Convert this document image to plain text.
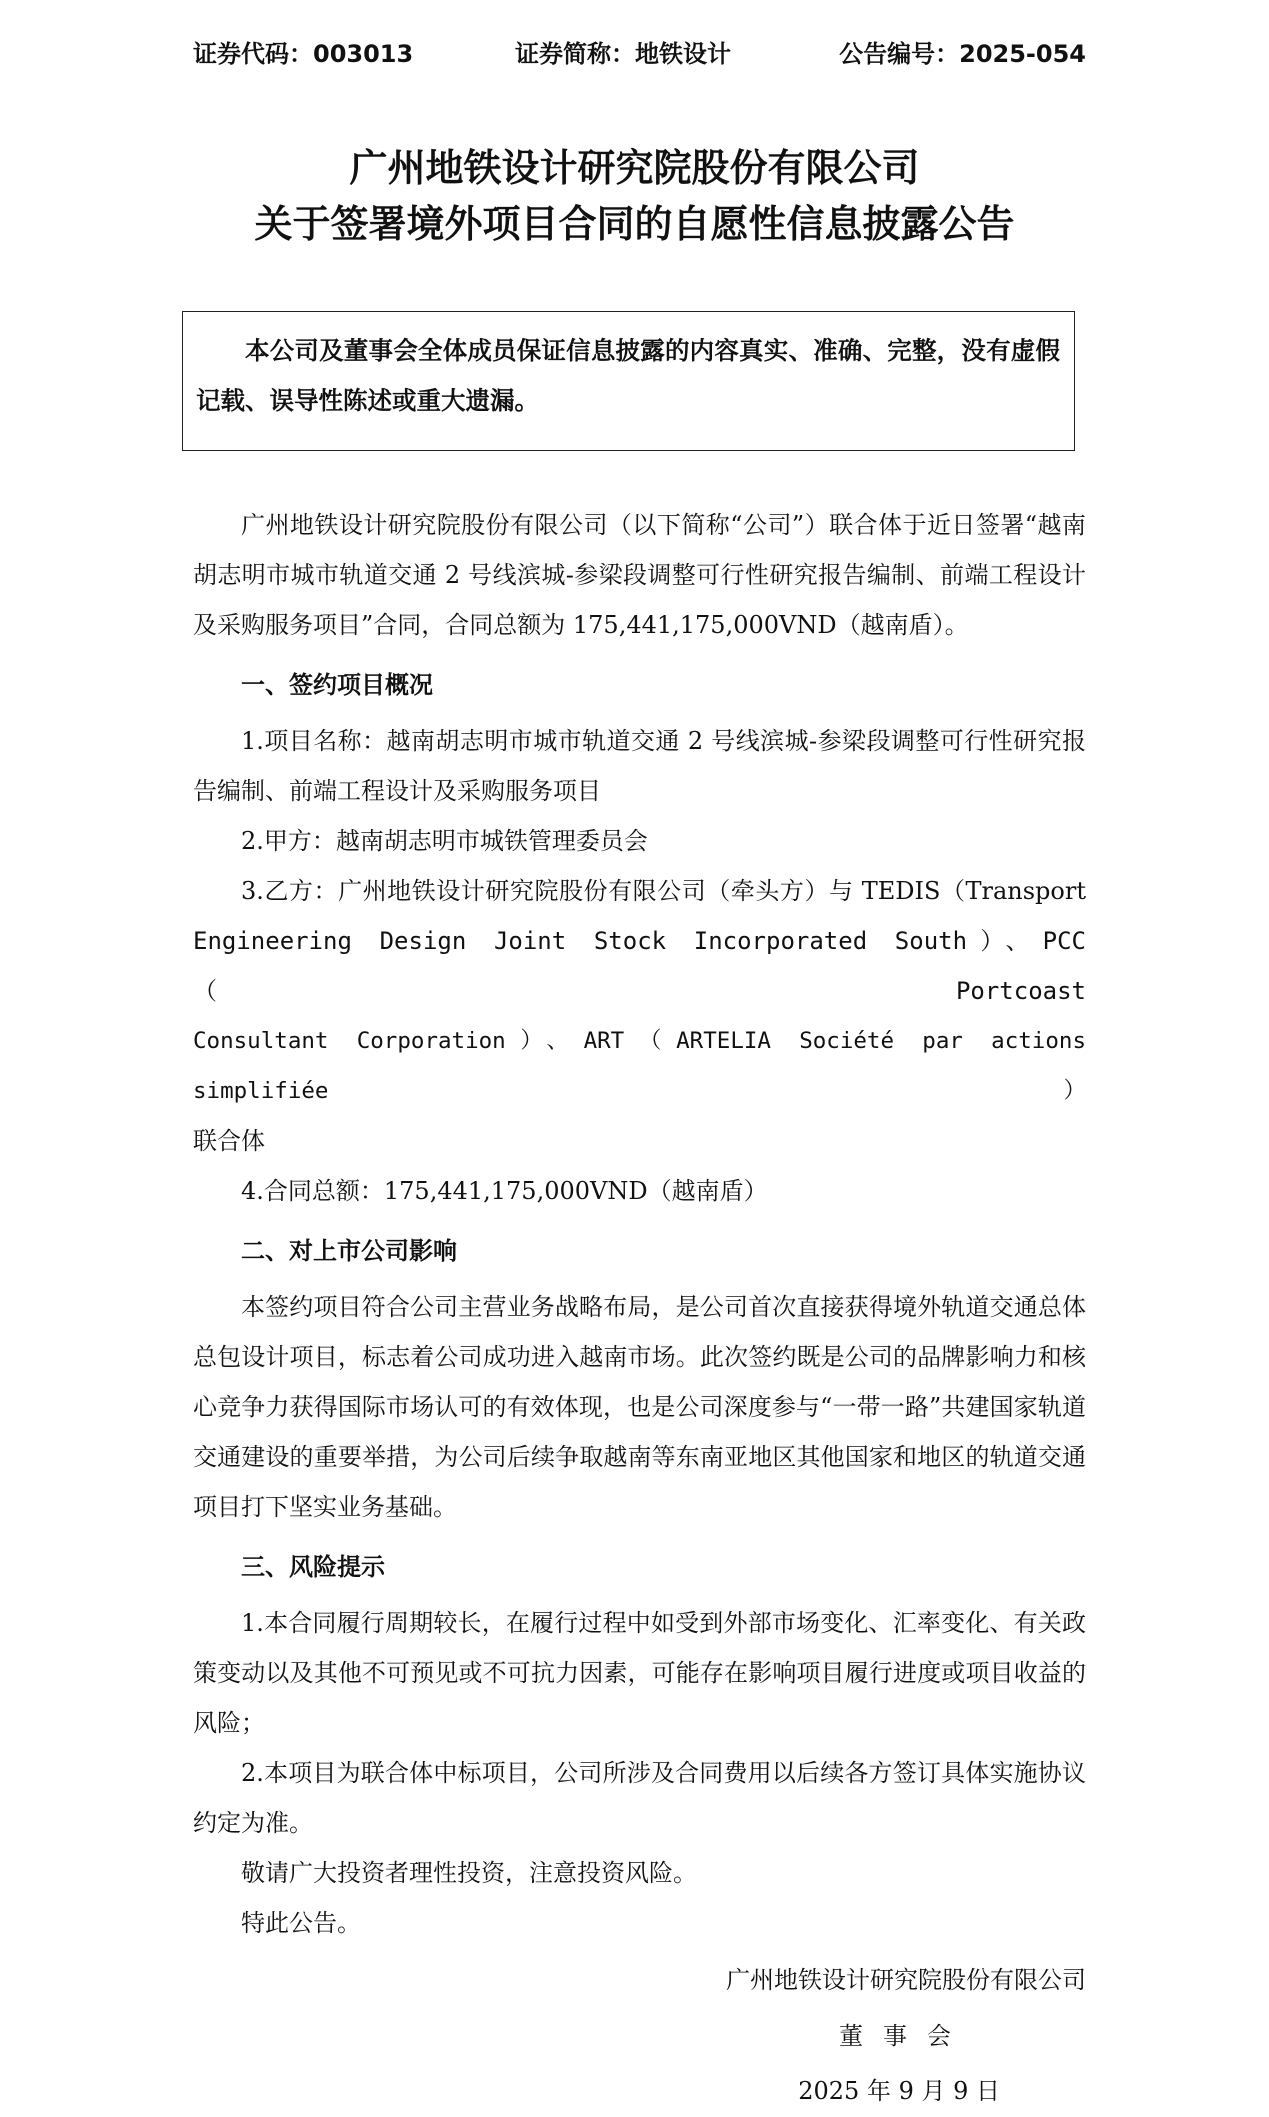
证券代码：003013	证券简称：地铁设计	公告编号：2025-054
广州地铁设计研究院股份有限公司
关于签署境外项目合同的自愿性信息披露公告
本公司及董事会全体成员保证信息披露的内容真实、准确、完整，没有虚假记载、误导性陈述或重大遗漏。

广州地铁设计研究院股份有限公司（以下简称“公司”）联合体于近日签署“越南胡志明市城市轨道交通 2 号线滨城-参梁段调整可行性研究报告编制、前端工程设计及采购服务项目”合同，合同总额为 175,441,175,000VND（越南盾）。

一、签约项目概况

1.项目名称：越南胡志明市城市轨道交通 2 号线滨城-参梁段调整可行性研究报告编制、前端工程设计及采购服务项目

2.甲方：越南胡志明市城铁管理委员会

3.乙方：广州地铁设计研究院股份有限公司（牵头方）与 TEDIS（Transport

Engineering Design Joint Stock Incorporated South）、PCC（Portcoast

Consultant Corporation）、ART（ARTELIA Société par actions simplifiée）

联合体

4.合同总额：175,441,175,000VND（越南盾）

二、对上市公司影响

本签约项目符合公司主营业务战略布局，是公司首次直接获得境外轨道交通总体总包设计项目，标志着公司成功进入越南市场。此次签约既是公司的品牌影响力和核心竞争力获得国际市场认可的有效体现，也是公司深度参与“一带一路”共建国家轨道交通建设的重要举措，为公司后续争取越南等东南亚地区其他国家和地区的轨道交通项目打下坚实业务基础。

三、风险提示

1.本合同履行周期较长，在履行过程中如受到外部市场变化、汇率变化、有关政策变动以及其他不可预见或不可抗力因素，可能存在影响项目履行进度或项目收益的风险；

2.本项目为联合体中标项目，公司所涉及合同费用以后续各方签订具体实施协议约定为准。

敬请广大投资者理性投资，注意投资风险。

特此公告。

广州地铁设计研究院股份有限公司
董事会
2025 年 9 月 9 日
